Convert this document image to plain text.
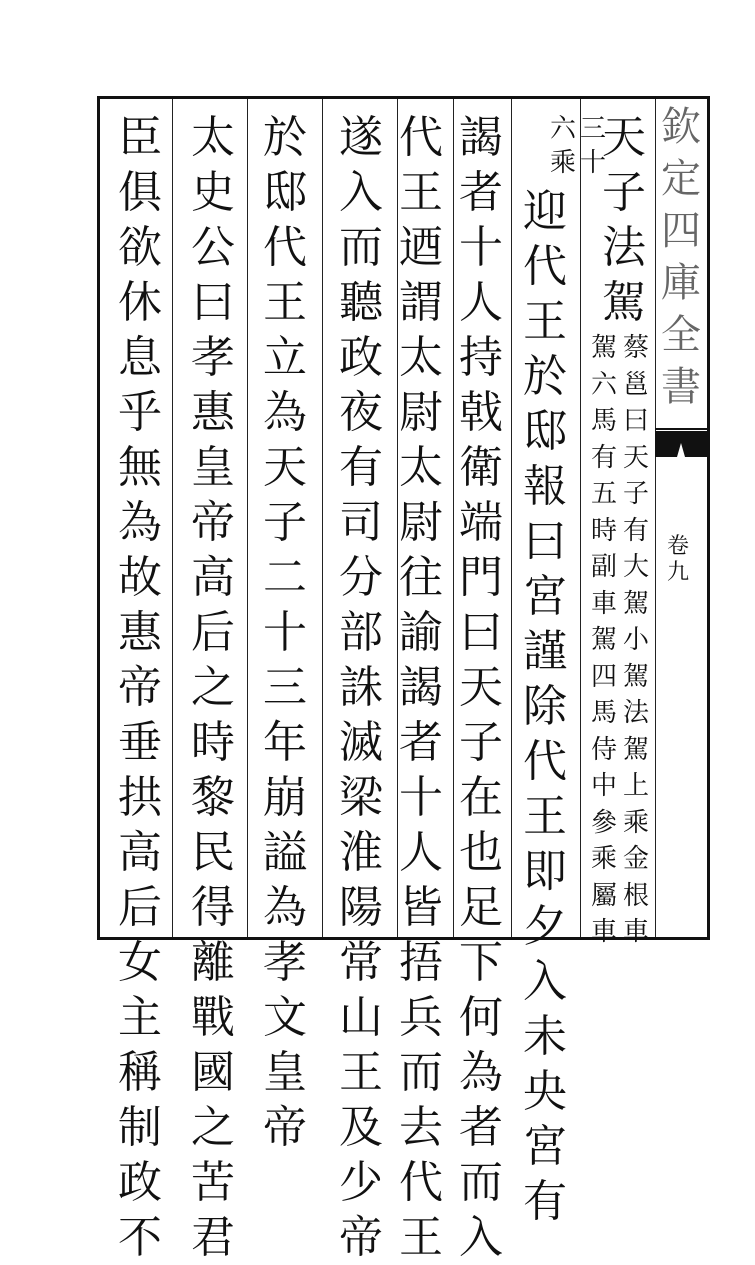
欽
定
四
庫
全
書
卷
九
天
子
法
駕
蔡
邕
曰
天
子
有
大
駕
小
駕
法
駕
上
乘
金
根
車
駕
六
馬
有
五
時
副
車
駕
四
馬
侍
中
參
乘
屬
車
六
乘
三
十
迎
代
王
於
邸
報
曰
宮
謹
除
代
王
即
夕
入
未
央
宮
有
謁
者
十
人
持
戟
衛
端
門
曰
天
子
在
也
足
下
何
為
者
而
入
代
王
迺
謂
太
尉
太
尉
往
諭
謁
者
十
人
皆
捂
兵
而
去
代
王
遂
入
而
聽
政
夜
有
司
分
部
誅
滅
梁
淮
陽
常
山
王
及
少
帝
於
邸
代
王
立
為
天
子
二
十
三
年
崩
謚
為
孝
文
皇
帝
太
史
公
曰
孝
惠
皇
帝
高
后
之
時
黎
民
得
離
戰
國
之
苦
君
臣
俱
欲
休
息
乎
無
為
故
惠
帝
垂
拱
高
后
女
主
稱
制
政
不
